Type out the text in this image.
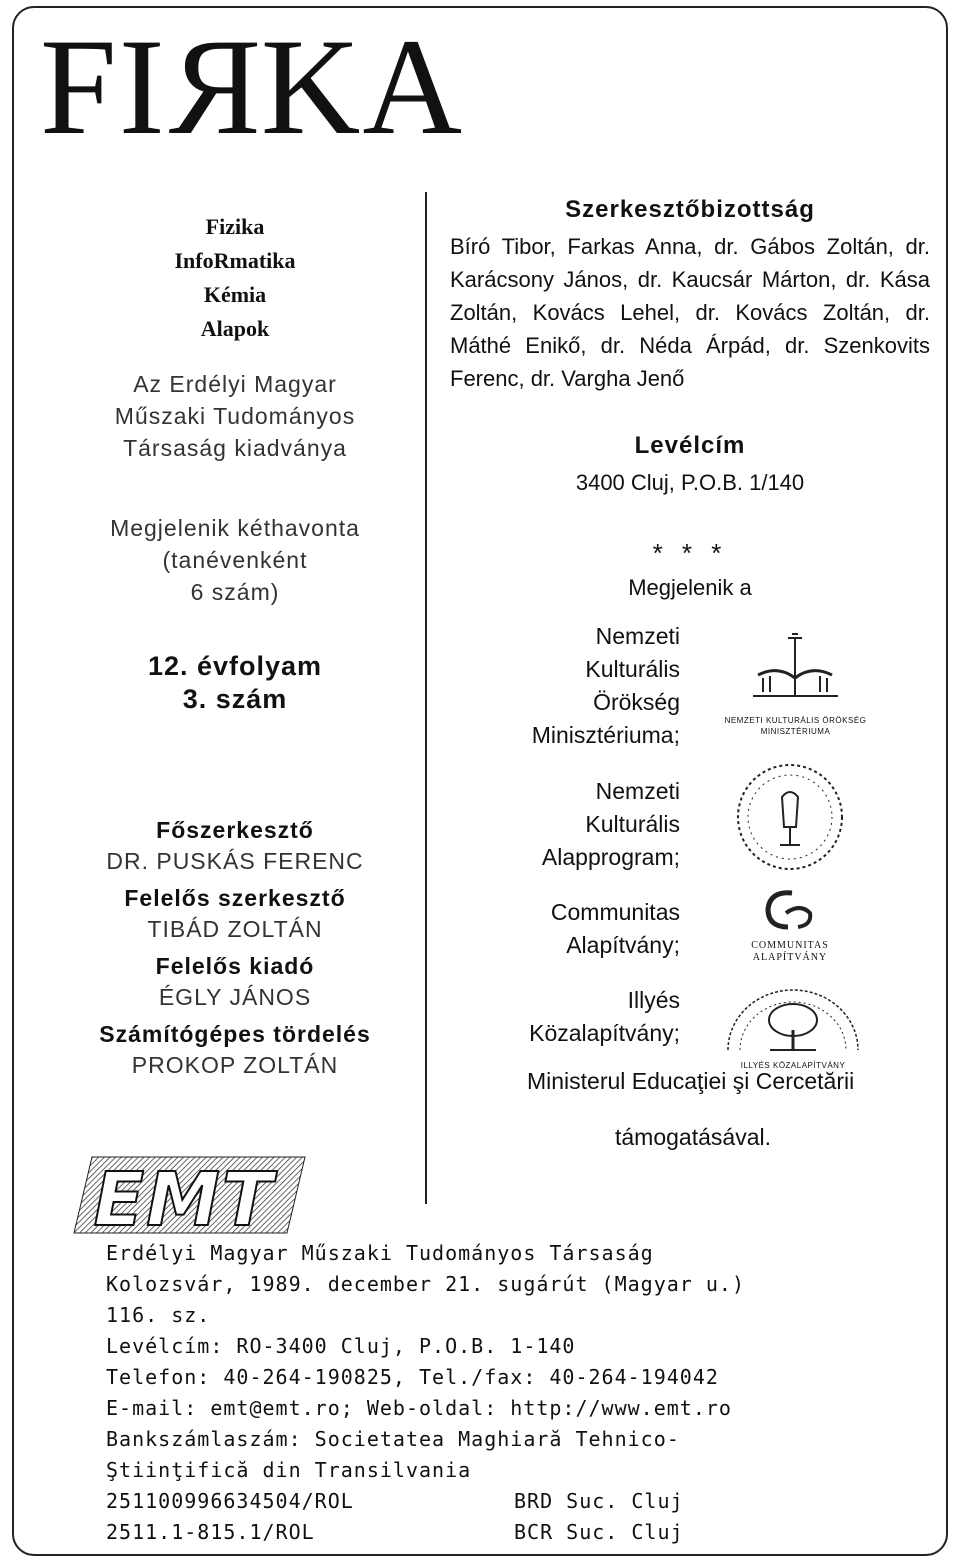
FIRKA
Fizika
InfoRmatika
Kémia
Alapok
Az Erdélyi Magyar
Műszaki Tudományos
Társaság kiadványa
Megjelenik kéthavonta
(tanévenként
6 szám)
12. évfolyam
3. szám
Főszerkesztő
DR. PUSKÁS FERENC
Felelős szerkesztő
TIBÁD ZOLTÁN
Felelős kiadó
ÉGLY JÁNOS
Számítógépes tördelés
PROKOP ZOLTÁN
Szerkesztőbizottság
Bíró Tibor, Farkas Anna, dr. Gábos Zoltán, dr. Karácsony János, dr. Kaucsár Márton, dr. Kása Zoltán, Kovács Lehel, dr. Kovács Zoltán, dr. Máthé Enikő, dr. Néda Árpád, dr. Szenkovits Ferenc, dr. Vargha Jenő
Levélcím
3400 Cluj, P.O.B. 1/140
* * *
Megjelenik a
Nemzeti
Kulturális
Örökség
Minisztériuma;
NEMZETI KULTURÁLIS ÖRÖKSÉG
MINISZTÉRIUMA
Nemzeti
Kulturális
Alapprogram;
Communitas
Alapítvány;	COMMUNITAS
ALAPÍTVÁNY
Illyés
Közalapítvány;
ILLYÉS KÖZALAPÍTVÁNY
Ministerul Educaţiei şi Cercetării
támogatásával.
EMT
Erdélyi Magyar Műszaki Tudományos Társaság
Kolozsvár, 1989. december 21. sugárút (Magyar u.) 116. sz.
Levélcím: RO-3400 Cluj, P.O.B. 1-140
Telefon: 40-264-190825, Tel./fax: 40-264-194042
E-mail: emt@emt.ro; Web-oldal: http://www.emt.ro
Bankszámlaszám: Societatea Maghiară Tehnico-
Ştiinţifică din Transilvania
251100996634504/ROL	BRD Suc. Cluj
2511.1-815.1/ROL	BCR Suc. Cluj
